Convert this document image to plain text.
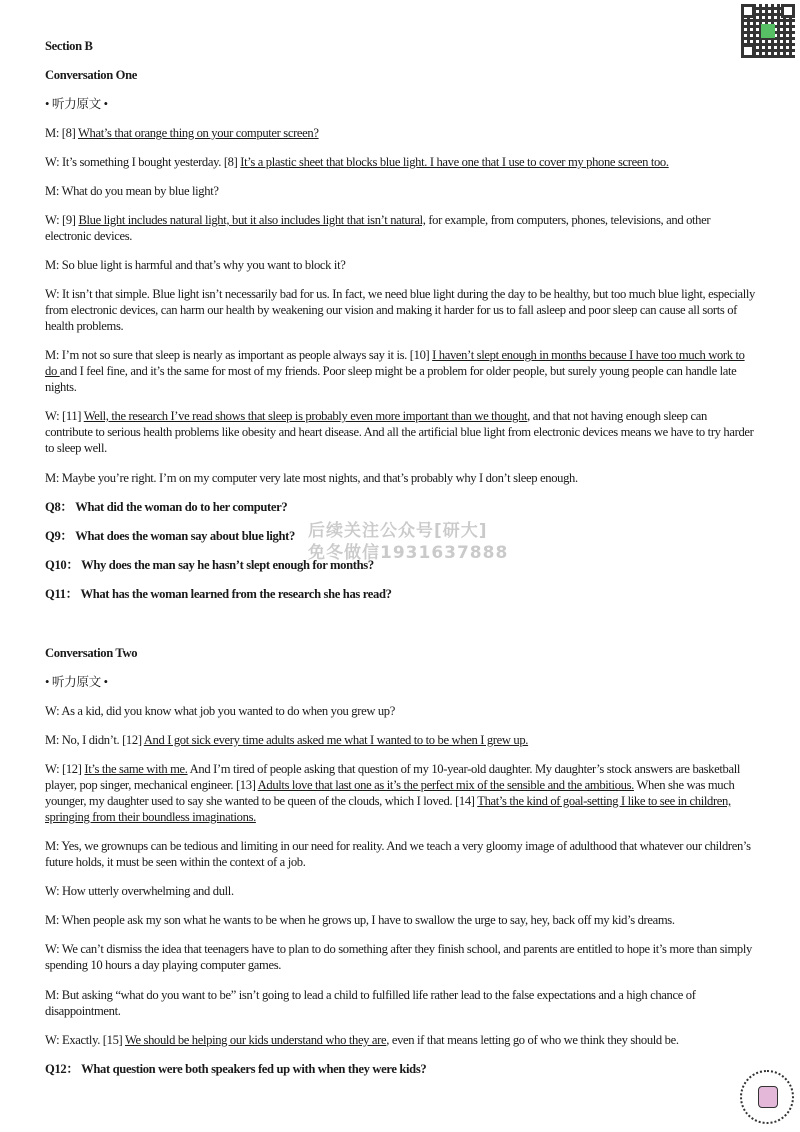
Section B

Conversation One

• 听力原文 •

M: [8] What’s that orange thing on your computer screen?

W: It’s something I bought yesterday. [8] It’s a plastic sheet that blocks blue light. I have one that I use to cover my phone screen too.

M: What do you mean by blue light?

W: [9] Blue light includes natural light, but it also includes light that isn’t natural, for example, from computers, phones, televisions, and other electronic devices.

M: So blue light is harmful and that’s why you want to block it?

W: It isn’t that simple. Blue light isn’t necessarily bad for us. In fact, we need blue light during the day to be healthy, but too much blue light, especially from electronic devices, can harm our health by weakening our vision and making it harder for us to fall asleep and poor sleep can cause all sorts of health problems.

M: I’m not so sure that sleep is nearly as important as people always say it is. [10] I haven’t slept enough in months because I have too much work to do and I feel fine, and it’s the same for most of my friends. Poor sleep might be a problem for older people, but surely young people can handle late nights.

W: [11] Well, the research I’ve read shows that sleep is probably even more important than we thought, and that not having enough sleep can contribute to serious health problems like obesity and heart disease. And all the artificial blue light from electronic devices means we have to try harder to sleep well.

M: Maybe you’re right. I’m on my computer very late most nights, and that’s probably why I don’t sleep enough.

Q8： What did the woman do to her computer?

Q9： What does the woman say about blue light?

Q10： Why does the man say he hasn’t slept enough for months?

Q11： What has the woman learned from the research she has read?

Conversation Two

• 听力原文 •

W: As a kid, did you know what job you wanted to do when you grew up?

M: No, I didn’t. [12] And I got sick every time adults asked me what I wanted to to be when I grew up.

W: [12] It’s the same with me. And I’m tired of people asking that question of my 10-year-old daughter. My daughter’s stock answers are basketball player, pop singer, mechanical engineer. [13] Adults love that last one as it’s the perfect mix of the sensible and the ambitious. When she was much younger, my daughter used to say she wanted to be queen of the clouds, which I loved. [14] That’s the kind of goal-setting I like to see in children, springing from their boundless imaginations.

M: Yes, we grownups can be tedious and limiting in our need for reality. And we teach a very gloomy image of adulthood that whatever our children’s future holds, it must be seen within the context of a job.

W: How utterly overwhelming and dull.

M: When people ask my son what he wants to be when he grows up, I have to swallow the urge to say, hey, back off my kid’s dreams.

W: We can’t dismiss the idea that teenagers have to plan to do something after they finish school, and parents are entitled to hope it’s more than simply spending 10 hours a day playing computer games.

M: But asking “what do you want to be” isn’t going to lead a child to fulfilled life rather lead to the false expectations and a high chance of disappointment.

W: Exactly. [15] We should be helping our kids understand who they are, even if that means letting go of who we think they should be.

Q12： What question were both speakers fed up with when they were kids?

后续关注公众号[研大]
免冬做信19316378​88
